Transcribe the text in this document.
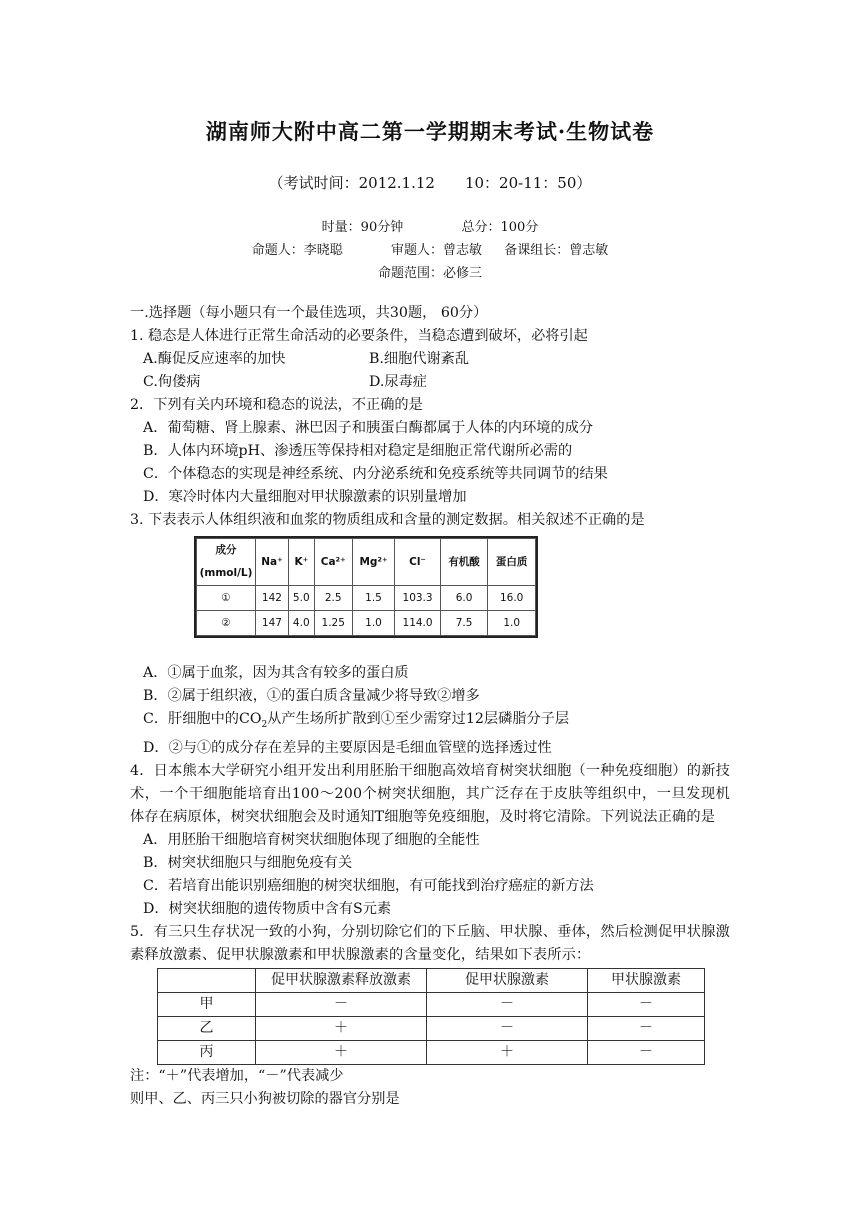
湖南师大附中高二第一学期期末考试·生物试卷
（考试时间：2012.1.12　　10：20-11：50）
时量：90分钟	总分：100分
命题人：李晓聪	审题人：曾志敏 备课组长：曾志敏
命题范围：必修三
一.选择题（每小题只有一个最佳选项，共30题， 60分）
1. 稳态是人体进行正常生命活动的必要条件，当稳态遭到破坏，必将引起
A.酶促反应速率的加快	B.细胞代谢紊乱
C.佝偻病	D.尿毒症
2．下列有关内环境和稳态的说法，不正确的是
A．葡萄糖、肾上腺素、淋巴因子和胰蛋白酶都属于人体的内环境的成分
B．人体内环境pH、渗透压等保持相对稳定是细胞正常代谢所必需的
C．个体稳态的实现是神经系统、内分泌系统和免疫系统等共同调节的结果
D．寒冷时体内大量细胞对甲状腺激素的识别量增加
3. 下表表示人体组织液和血浆的物质组成和含量的测定数据。相关叙述不正确的是
成分
(mmol/L)	Na⁺	K⁺	Ca²⁺	Mg²⁺	Cl⁻	有机酸	蛋白质
①	142	5.0	2.5	1.5	103.3	6.0	16.0
②	147	4.0	1.25	1.0	114.0	7.5	1.0
A．①属于血浆，因为其含有较多的蛋白质
B．②属于组织液，①的蛋白质含量减少将导致②增多
C．肝细胞中的$CO_2$从产生场所扩散到①至少需穿过12层磷脂分子层
D．②与①的成分存在差异的主要原因是毛细血管壁的选择透过性
4．日本熊本大学研究小组开发出利用胚胎干细胞高效培育树突状细胞（一种免疫细胞）的新技术，一个干细胞能培育出100～200个树突状细胞，其广泛存在于皮肤等组织中，一旦发现机体存在病原体，树突状细胞会及时通知T细胞等免疫细胞，及时将它清除。下列说法正确的是
A．用胚胎干细胞培育树突状细胞体现了细胞的全能性
B．树突状细胞只与细胞免疫有关
C．若培育出能识别癌细胞的树突状细胞，有可能找到治疗癌症的新方法
D．树突状细胞的遗传物质中含有S元素
5．有三只生存状况一致的小狗，分别切除它们的下丘脑、甲状腺、垂体，然后检测促甲状腺激素释放激素、促甲状腺激素和甲状腺激素的含量变化，结果如下表所示：
	促甲状腺激素释放激素	促甲状腺激素	甲状腺激素
甲	－	－	－
乙	＋	－	－
丙	＋	＋	－
注：“＋”代表增加，“－”代表减少
则甲、乙、丙三只小狗被切除的器官分别是
